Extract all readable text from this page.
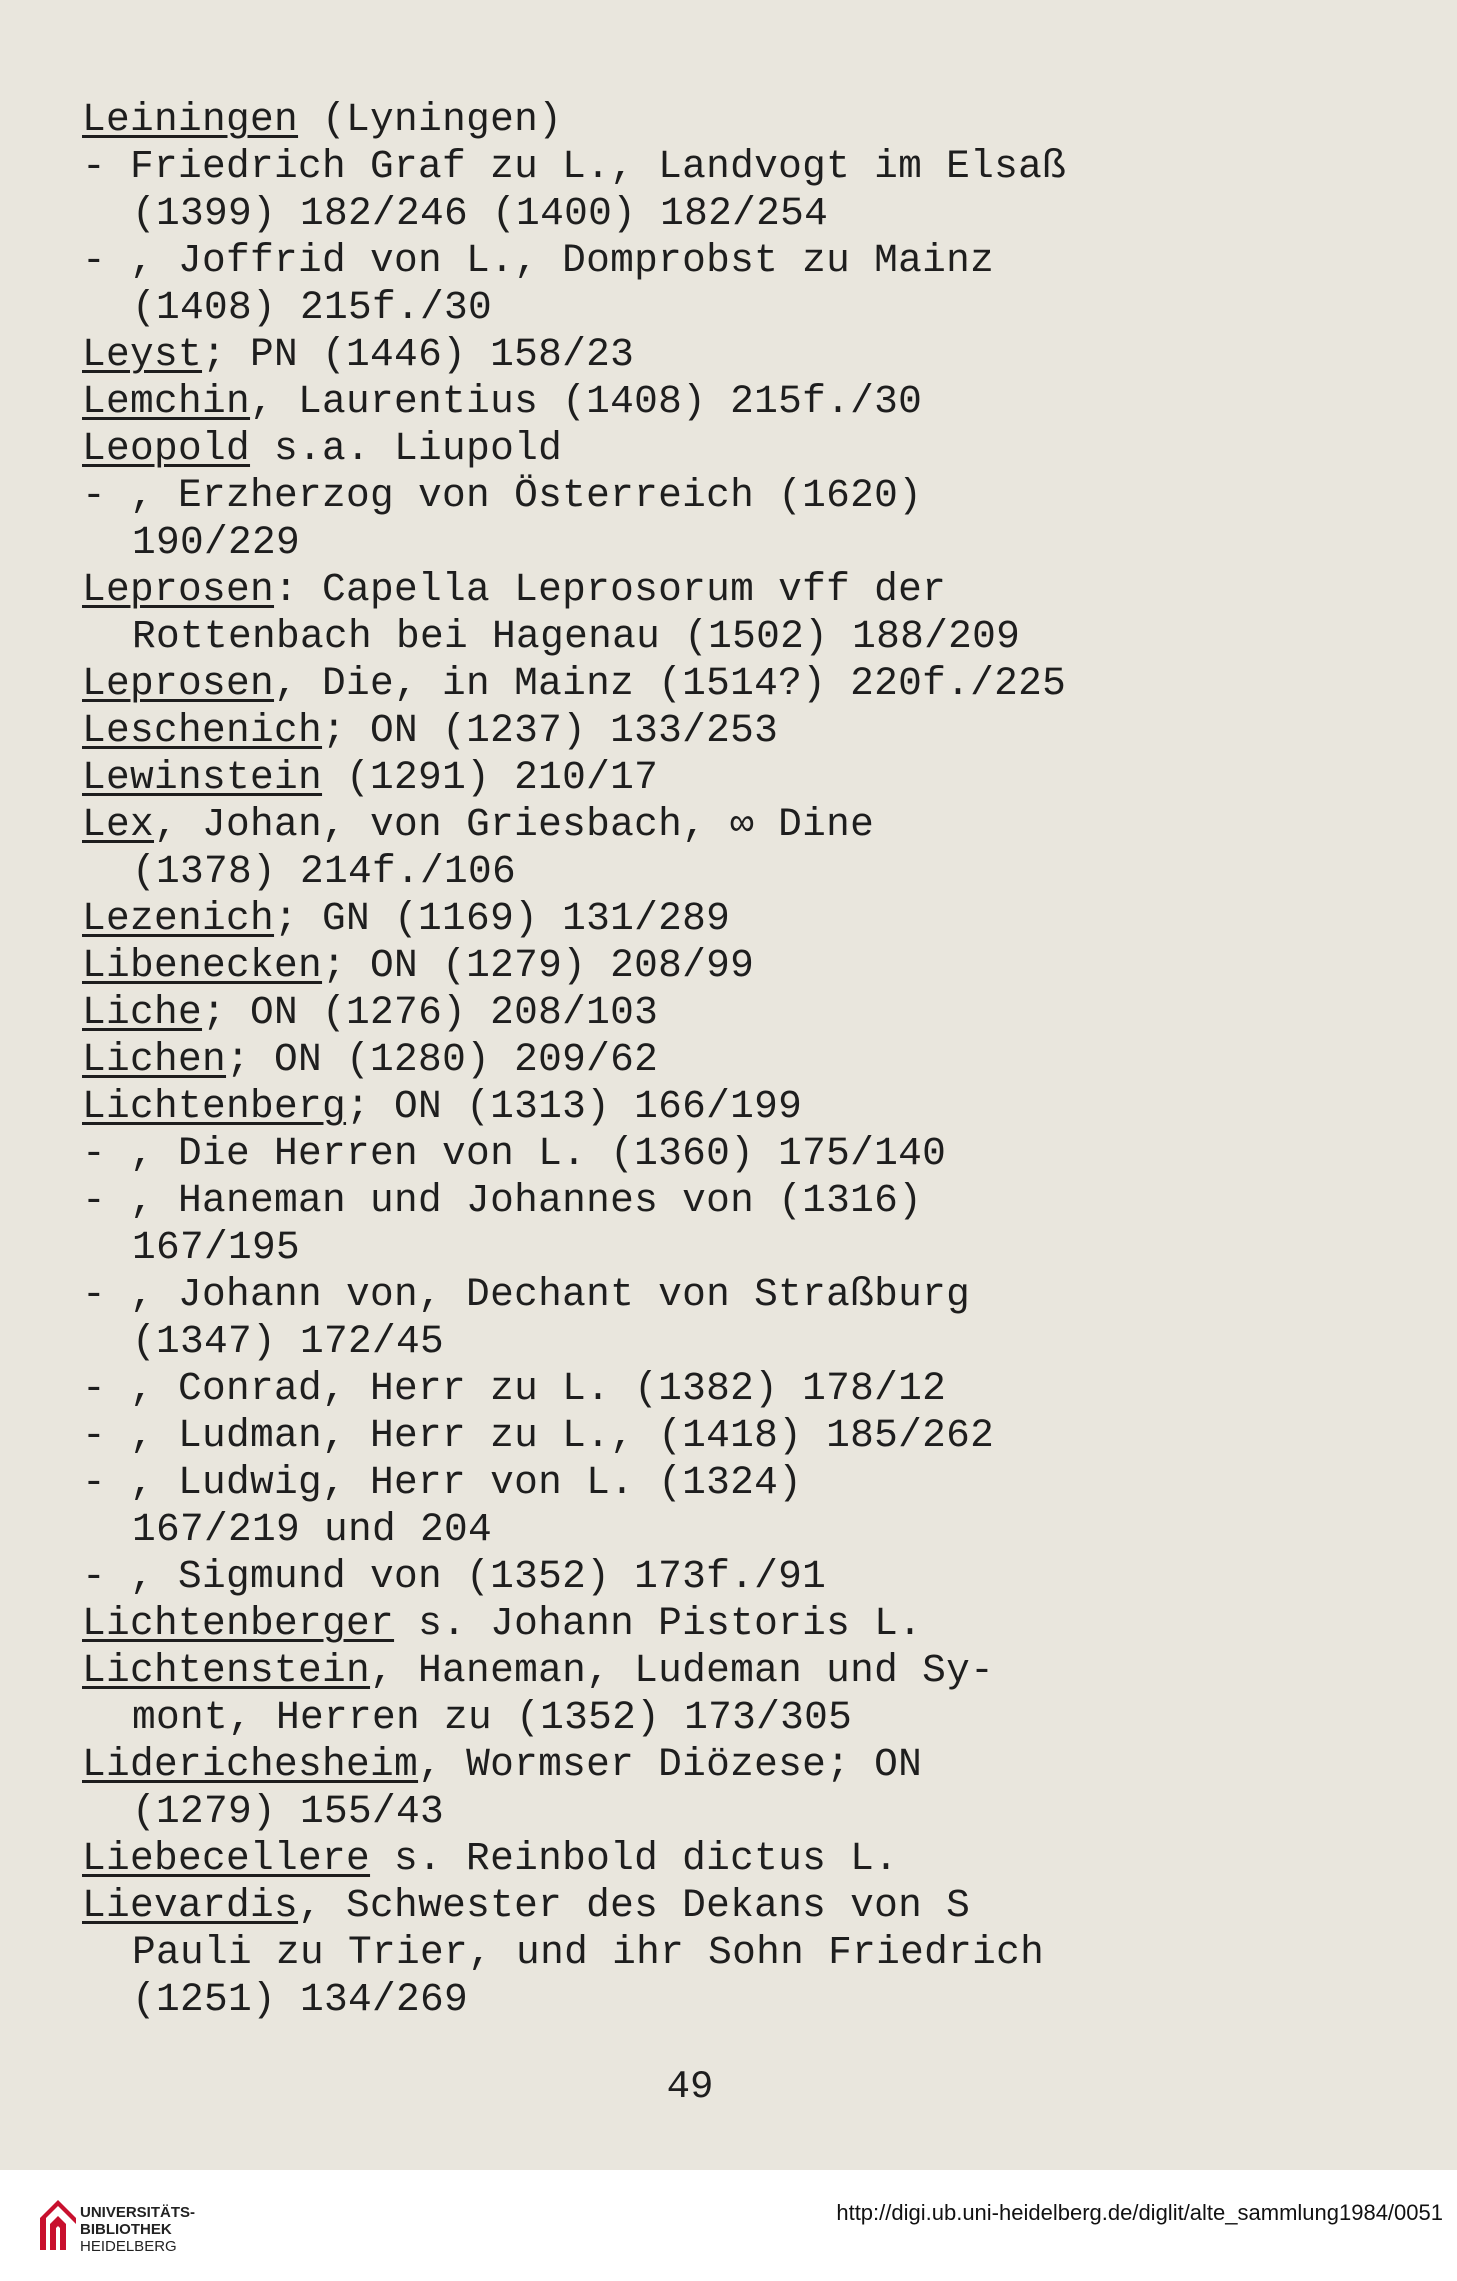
Leiningen (Lyningen)
- Friedrich Graf zu L., Landvogt im Elsaß
(1399) 182/246 (1400) 182/254
- , Joffrid von L., Domprobst zu Mainz
(1408) 215f./30
Leyst; PN (1446) 158/23
Lemchin, Laurentius (1408) 215f./30
Leopold s.a. Liupold
- , Erzherzog von Österreich (1620)
190/229
Leprosen: Capella Leprosorum vff der
Rottenbach bei Hagenau (1502) 188/209
Leprosen, Die, in Mainz (1514?) 220f./225
Leschenich; ON (1237) 133/253
Lewinstein (1291) 210/17
Lex, Johan, von Griesbach, ∞ Dine
(1378) 214f./106
Lezenich; GN (1169) 131/289
Libenecken; ON (1279) 208/99
Liche; ON (1276) 208/103
Lichen; ON (1280) 209/62
Lichtenberg; ON (1313) 166/199
- , Die Herren von L. (1360) 175/140
- , Haneman und Johannes von (1316)
167/195
- , Johann von, Dechant von Straßburg
(1347) 172/45
- , Conrad, Herr zu L. (1382) 178/12
- , Ludman, Herr zu L., (1418) 185/262
- , Ludwig, Herr von L. (1324)
167/219 und 204
- , Sigmund von (1352) 173f./91
Lichtenberger s. Johann Pistoris L.
Lichtenstein, Haneman, Ludeman und Sy-
mont, Herren zu (1352) 173/305
Liderichesheim, Wormser Diözese; ON
(1279) 155/43
Liebecellere s. Reinbold dictus L.
Lievardis, Schwester des Dekans von S
Pauli zu Trier, und ihr Sohn Friedrich
(1251) 134/269
49
UNIVERSITÄTS-
BIBLIOTHEK
HEIDELBERG
http://digi.ub.uni-heidelberg.de/diglit/alte_sammlung1984/0051
